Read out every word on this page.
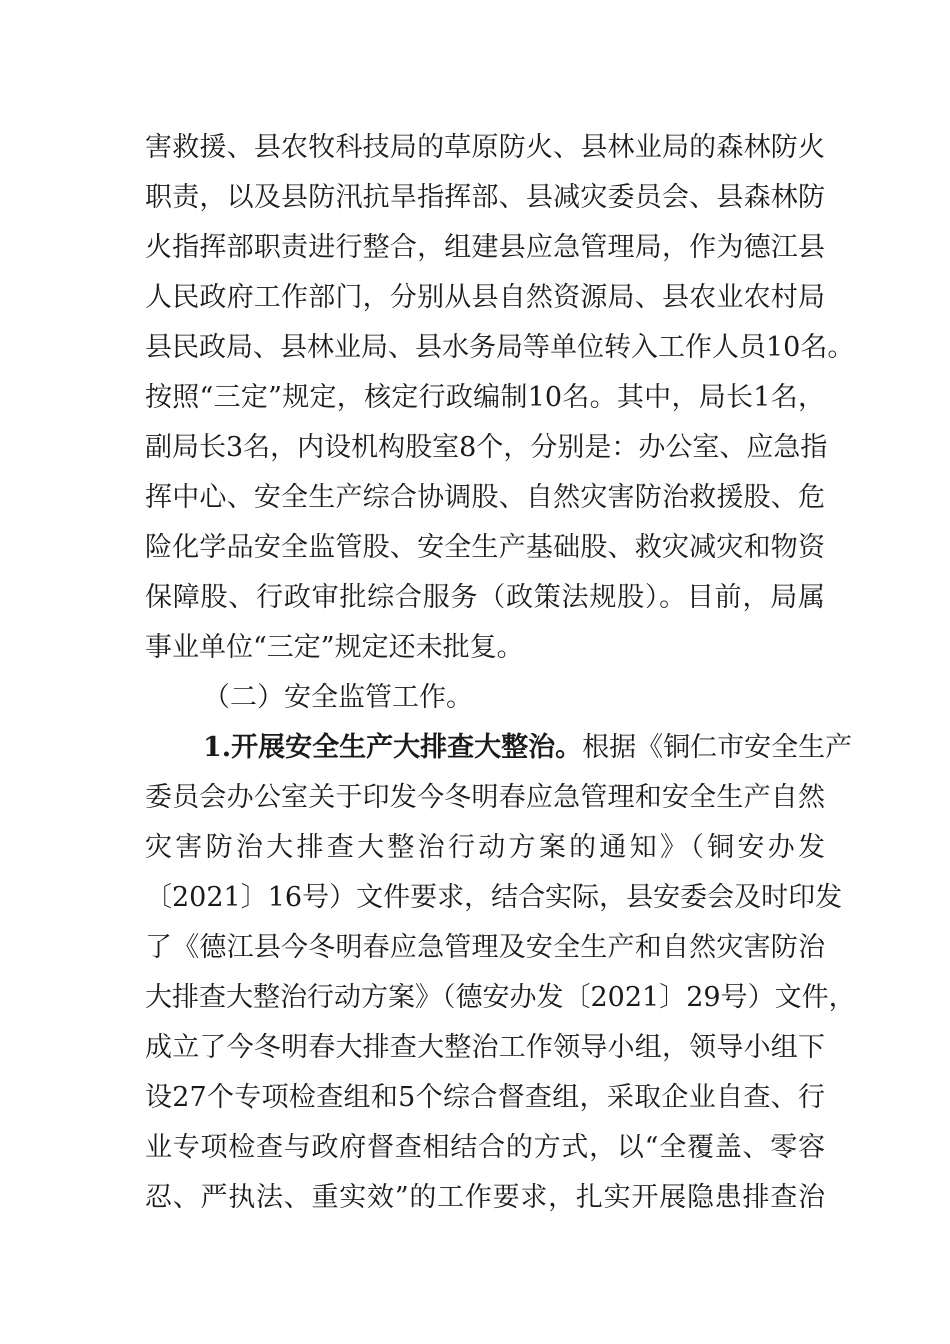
害救援、县农牧科技局的草原防火、县林业局的森林防火
职责，以及县防汛抗旱指挥部、县减灾委员会、县森林防
火指挥部职责进行整合，组建县应急管理局，作为德江县
人民政府工作部门，分别从县自然资源局、县农业农村局
县民政局、县林业局、县水务局等单位转入工作人员10名。
按照“三定”规定，核定行政编制10名。其中，局长1名，
副局长3名，内设机构股室8个，分别是：办公室、应急指
挥中心、安全生产综合协调股、自然灾害防治救援股、危
险化学品安全监管股、安全生产基础股、救灾减灾和物资
保障股、行政审批综合服务（政策法规股）。目前，局属
事业单位“三定”规定还未批复。
（二）安全监管工作。
1.开展安全生产大排查大整治。根据《铜仁市安全生产
委员会办公室关于印发今冬明春应急管理和安全生产自然
灾害防治大排查大整治行动方案的通知》（铜安办发
〔2021〕16号）文件要求，结合实际，县安委会及时印发
了《德江县今冬明春应急管理及安全生产和自然灾害防治
大排查大整治行动方案》（德安办发〔2021〕29号）文件，
成立了今冬明春大排查大整治工作领导小组，领导小组下
设27个专项检查组和5个综合督查组，采取企业自查、行
业专项检查与政府督查相结合的方式，以“全覆盖、零容
忍、严执法、重实效”的工作要求，扎实开展隐患排查治
